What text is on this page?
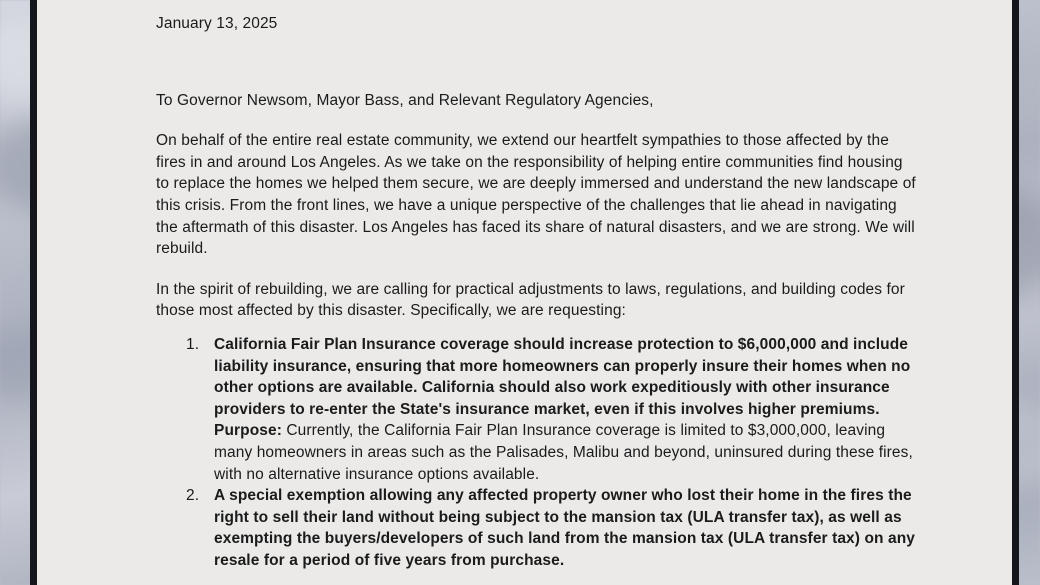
January 13, 2025

To Governor Newsom, Mayor Bass, and Relevant Regulatory Agencies,

On behalf of the entire real estate community, we extend our heartfelt sympathies to those affected by the fires in and around Los Angeles. As we take on the responsibility of helping entire communities find housing to replace the homes we helped them secure, we are deeply immersed and understand the new landscape of this crisis. From the front lines, we have a unique perspective of the challenges that lie ahead in navigating the aftermath of this disaster. Los Angeles has faced its share of natural disasters, and we are strong. We will rebuild.

In the spirit of rebuilding, we are calling for practical adjustments to laws, regulations, and building codes for those most affected by this disaster. Specifically, we are requesting:

California Fair Plan Insurance coverage should increase protection to $6,000,000 and include liability insurance, ensuring that more homeowners can properly insure their homes when no other options are available. California should also work expeditiously with other insurance providers to re-enter the State's insurance market, even if this involves higher premiums.

Purpose: Currently, the California Fair Plan Insurance coverage is limited to $3,000,000, leaving many homeowners in areas such as the Palisades, Malibu and beyond, uninsured during these fires, with no alternative insurance options available.

A special exemption allowing any affected property owner who lost their home in the fires the right to sell their land without being subject to the mansion tax (ULA transfer tax), as well as exempting the buyers/developers of such land from the mansion tax (ULA transfer tax) on any resale for a period of five years from purchase.
